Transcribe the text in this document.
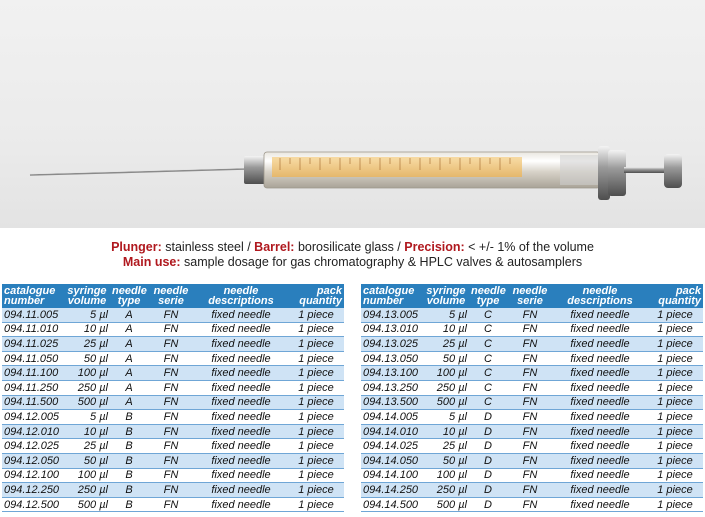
Plunger: stainless steel / Barrel: borosilicate glass / Precision: < +/- 1% of the volume
Main use: sample dosage for gas chromatography & HPLC valves & autosamplers
catalogue number	syringe volume	needle type	needle serie	needle descriptions	pack quantity
094.11.005	5 µl	A	FN	fixed needle	1 piece
094.11.010	10 µl	A	FN	fixed needle	1 piece
094.11.025	25 µl	A	FN	fixed needle	1 piece
094.11.050	50 µl	A	FN	fixed needle	1 piece
094.11.100	100 µl	A	FN	fixed needle	1 piece
094.11.250	250 µl	A	FN	fixed needle	1 piece
094.11.500	500 µl	A	FN	fixed needle	1 piece
094.12.005	5 µl	B	FN	fixed needle	1 piece
094.12.010	10 µl	B	FN	fixed needle	1 piece
094.12.025	25 µl	B	FN	fixed needle	1 piece
094.12.050	50 µl	B	FN	fixed needle	1 piece
094.12.100	100 µl	B	FN	fixed needle	1 piece
094.12.250	250 µl	B	FN	fixed needle	1 piece
094.12.500	500 µl	B	FN	fixed needle	1 piece
catalogue number	syringe volume	needle type	needle serie	needle descriptions	pack quantity
094.13.005	5 µl	C	FN	fixed needle	1 piece
094.13.010	10 µl	C	FN	fixed needle	1 piece
094.13.025	25 µl	C	FN	fixed needle	1 piece
094.13.050	50 µl	C	FN	fixed needle	1 piece
094.13.100	100 µl	C	FN	fixed needle	1 piece
094.13.250	250 µl	C	FN	fixed needle	1 piece
094.13.500	500 µl	C	FN	fixed needle	1 piece
094.14.005	5 µl	D	FN	fixed needle	1 piece
094.14.010	10 µl	D	FN	fixed needle	1 piece
094.14.025	25 µl	D	FN	fixed needle	1 piece
094.14.050	50 µl	D	FN	fixed needle	1 piece
094.14.100	100 µl	D	FN	fixed needle	1 piece
094.14.250	250 µl	D	FN	fixed needle	1 piece
094.14.500	500 µl	D	FN	fixed needle	1 piece
